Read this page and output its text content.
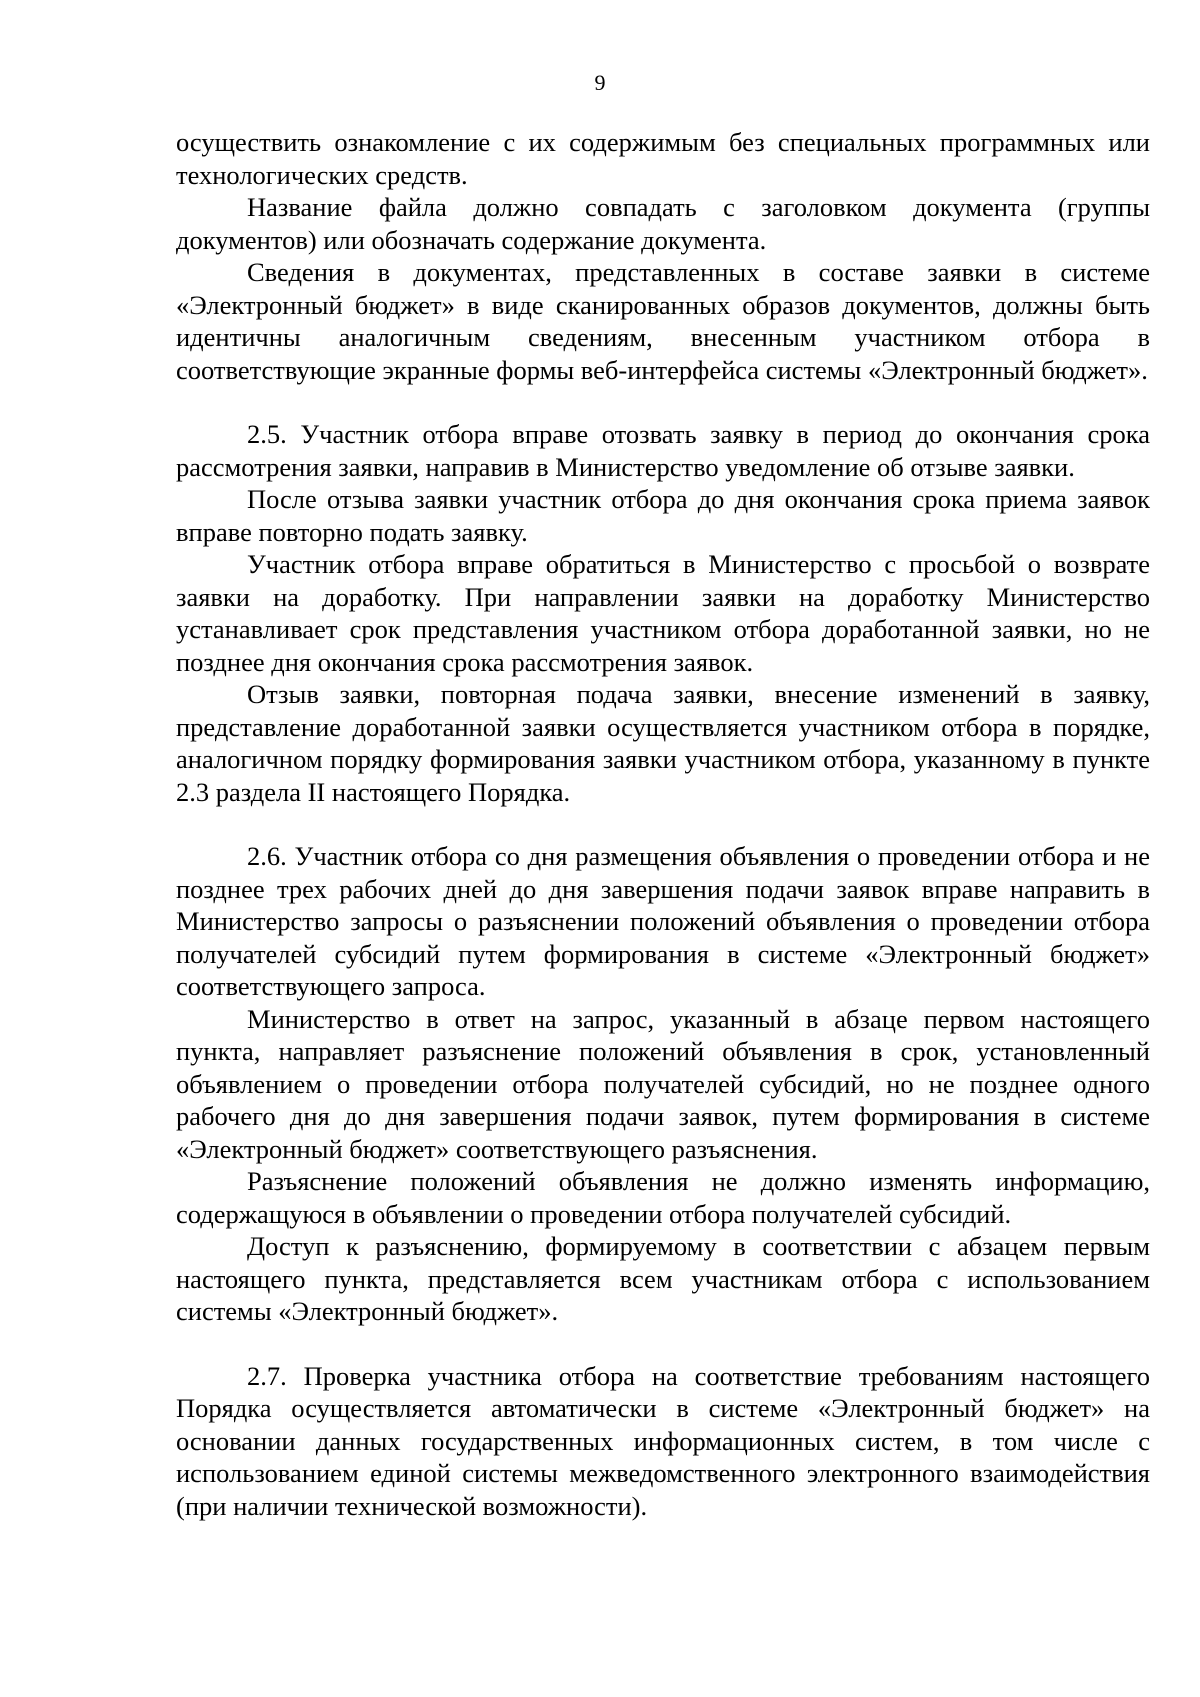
9

осуществить ознакомление с их содержимым без специальных программных или технологических средств.

Название файла должно совпадать с заголовком документа (группы документов) или обозначать содержание документа.

Сведения в документах, представленных в составе заявки в системе «Электронный бюджет» в виде сканированных образов документов, должны быть идентичны аналогичным сведениям, внесенным участником отбора в соответствующие экранные формы веб-интерфейса системы «Электронный бюджет».

2.5. Участник отбора вправе отозвать заявку в период до окончания срока рассмотрения заявки, направив в Министерство уведомление об отзыве заявки.

После отзыва заявки участник отбора до дня окончания срока приема заявок вправе повторно подать заявку.

Участник отбора вправе обратиться в Министерство с просьбой о возврате заявки на доработку. При направлении заявки на доработку Министерство устанавливает срок представления участником отбора доработанной заявки, но не позднее дня окончания срока рассмотрения заявок.

Отзыв заявки, повторная подача заявки, внесение изменений в заявку, представление доработанной заявки осуществляется участником отбора в порядке, аналогичном порядку формирования заявки участником отбора, указанному в пункте 2.3 раздела II настоящего Порядка.

2.6. Участник отбора со дня размещения объявления о проведении отбора и не позднее трех рабочих дней до дня завершения подачи заявок вправе направить в Министерство запросы о разъяснении положений объявления о проведении отбора получателей субсидий путем формирования в системе «Электронный бюджет» соответствующего запроса.

Министерство в ответ на запрос, указанный в абзаце первом настоящего пункта, направляет разъяснение положений объявления в срок, установленный объявлением о проведении отбора получателей субсидий, но не позднее одного рабочего дня до дня завершения подачи заявок, путем формирования в системе «Электронный бюджет» соответствующего разъяснения.

Разъяснение положений объявления не должно изменять информацию, содержащуюся в объявлении о проведении отбора получателей субсидий.

Доступ к разъяснению, формируемому в соответствии с абзацем первым настоящего пункта, представляется всем участникам отбора с использованием системы «Электронный бюджет».

2.7. Проверка участника отбора на соответствие требованиям настоящего Порядка осуществляется автоматически в системе «Электронный бюджет» на основании данных государственных информационных систем, в том числе с использованием единой системы межведомственного электронного взаимодействия (при наличии технической возможности).
